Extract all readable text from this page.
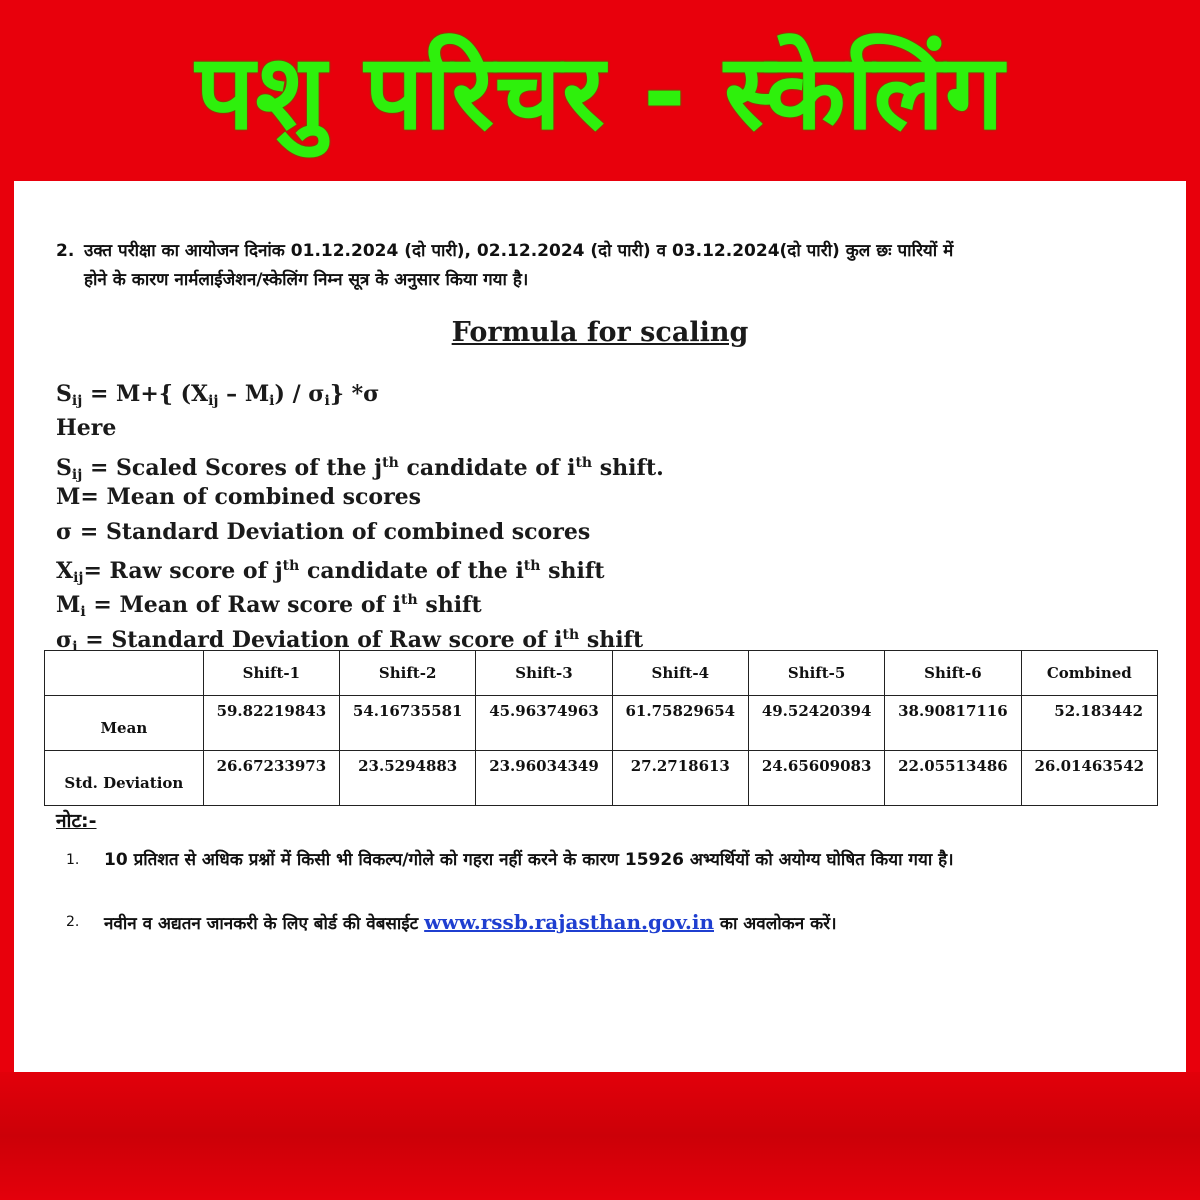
पशु परिचर - स्केलिंग
2. उक्त परीक्षा का आयोजन दिनांक 01.12.2024 (दो पारी), 02.12.2024 (दो पारी) व 03.12.2024(दो पारी) कुल छः पारियों में
होने के कारण नार्मलाईजेशन/स्केलिंग निम्न सूत्र के अनुसार किया गया है।
Formula for scaling
$S_{ij} = M+${ $(X_{ij} - M_i) / \sigma_i$} *σ
Here
$S_{ij}$ = Scaled Scores of the $j^{th}$ candidate of $i^{th}$ shift.
M= Mean of combined scores
σ = Standard Deviation of combined scores
$X_{ij}=$ Raw score of $j^{th}$ candidate of the $i^{th}$ shift
$M_i$ = Mean of Raw score of $i^{th}$ shift
$\sigma_i$ = Standard Deviation of Raw score of $i^{th}$ shift
	Shift-1	Shift-2	Shift-3	Shift-4	Shift-5	Shift-6	Combined
Mean	59.82219843	54.16735581	45.96374963	61.75829654	49.52420394	38.90817116	52.183442
Std. Deviation	26.67233973	23.5294883	23.96034349	27.2718613	24.65609083	22.05513486	26.01463542
नोट:-
1. 10 प्रतिशत से अधिक प्रश्नों में किसी भी विकल्प/गोले को गहरा नहीं करने के कारण 15926 अभ्यर्थियों को अयोग्य घोषित किया गया है।
2. नवीन व अद्यतन जानकरी के लिए बोर्ड की वेबसाईट www.rssb.rajasthan.gov.in का अवलोकन करें।
